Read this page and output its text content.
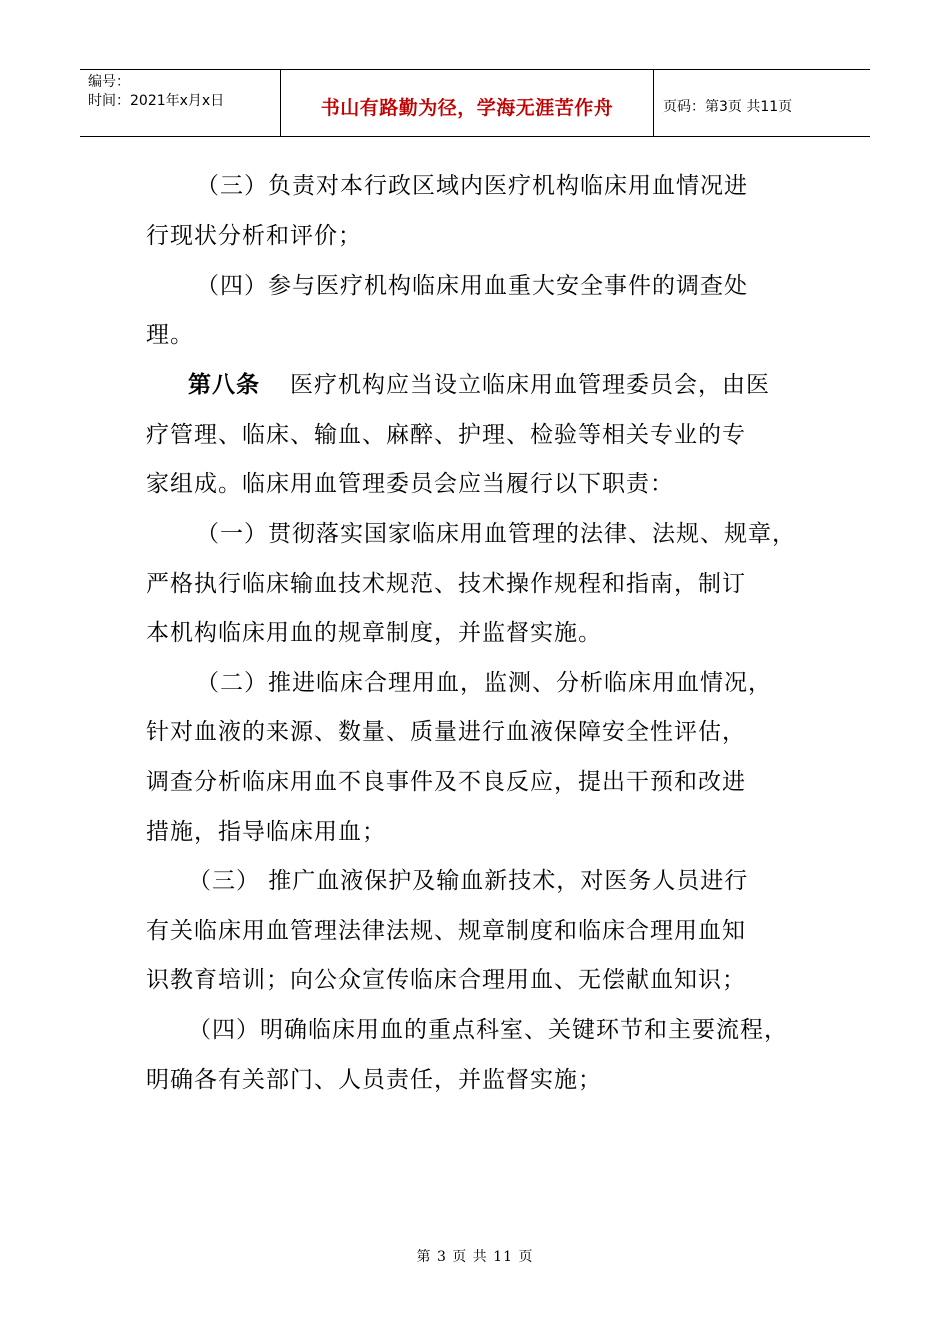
编号：
时间：2021年x月x日	书山有路勤为径，学海无涯苦作舟	页码：第3页 共11页
（三）负责对本行政区域内医疗机构临床用血情况进
行现状分析和评价；
（四）参与医疗机构临床用血重大安全事件的调查处
理。
第八条 医疗机构应当设立临床用血管理委员会，由医
疗管理、临床、输血、麻醉、护理、检验等相关专业的专
家组成。临床用血管理委员会应当履行以下职责：
（一）贯彻落实国家临床用血管理的法律、法规、规章，
严格执行临床输血技术规范、技术操作规程和指南，制订
本机构临床用血的规章制度，并监督实施。
（二）推进临床合理用血，监测、分析临床用血情况，
针对血液的来源、数量、质量进行血液保障安全性评估，
调查分析临床用血不良事件及不良反应，提出干预和改进
措施，指导临床用血；
（三） 推广血液保护及输血新技术，对医务人员进行
有关临床用血管理法律法规、规章制度和临床合理用血知
识教育培训；向公众宣传临床合理用血、无偿献血知识；
（四）明确临床用血的重点科室、关键环节和主要流程，
明确各有关部门、人员责任，并监督实施；
第 3 页 共 11 页
